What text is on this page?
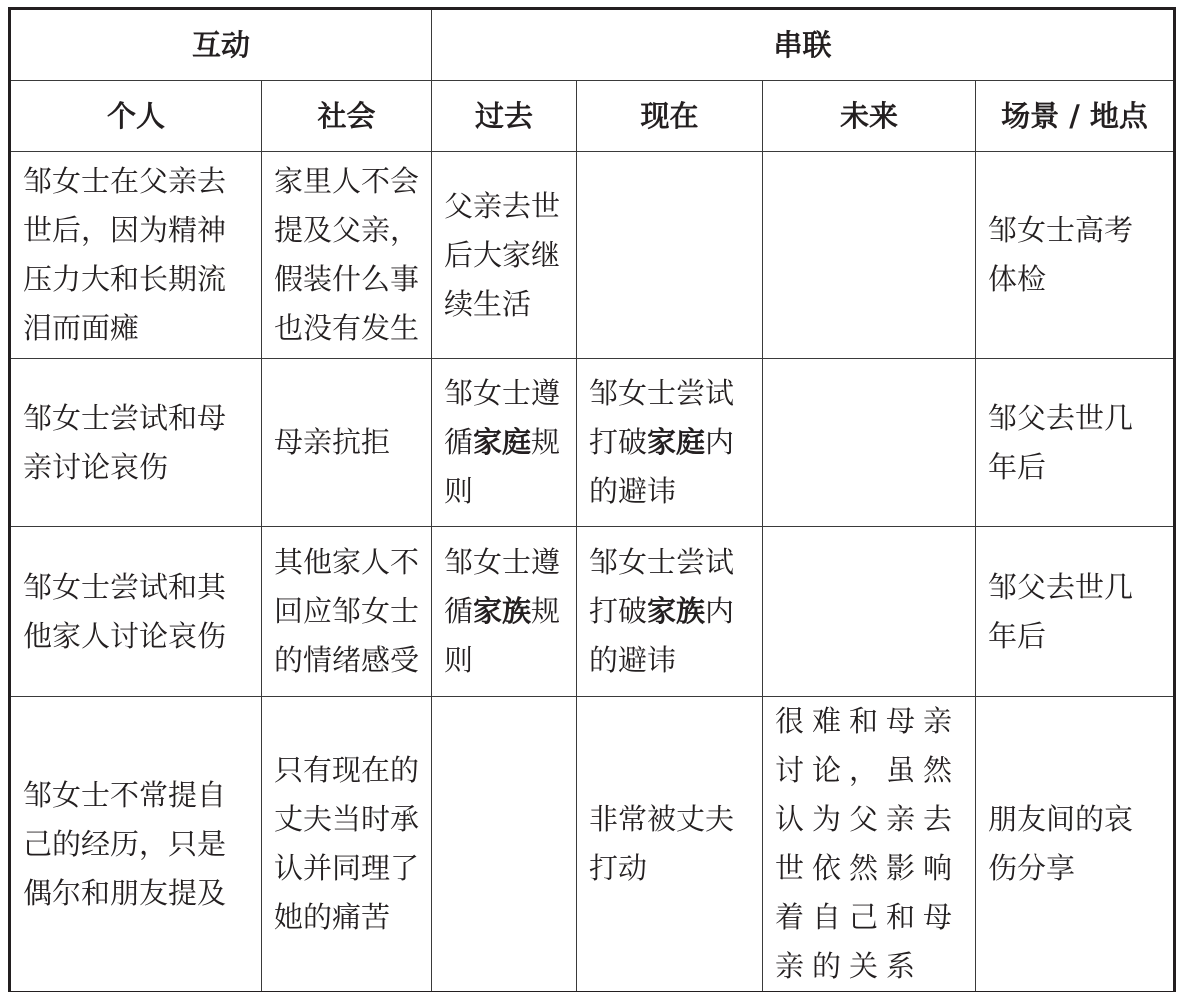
互动		串联			
个人	社会	过去	现在	未来	场景 / 地点
邹女士在父亲去世后，因为精神压力大和长期流泪而面瘫	家里人不会提及父亲，假装什么事也没有发生	父亲去世后大家继续生活			邹女士高考体检
邹女士尝试和母亲讨论哀伤	母亲抗拒	邹女士遵循家庭规则	邹女士尝试打破家庭内的避讳		邹父去世几年后
邹女士尝试和其他家人讨论哀伤	其他家人不回应邹女士的情绪感受	邹女士遵循家族规则	邹女士尝试打破家族内的避讳		邹父去世几年后
邹女士不常提自己的经历，只是偶尔和朋友提及	只有现在的丈夫当时承认并同理了她的痛苦		非常被丈夫打动	很难和母亲讨论，虽然认为父亲去世依然影响着自己和母亲的关系	朋友间的哀伤分享
